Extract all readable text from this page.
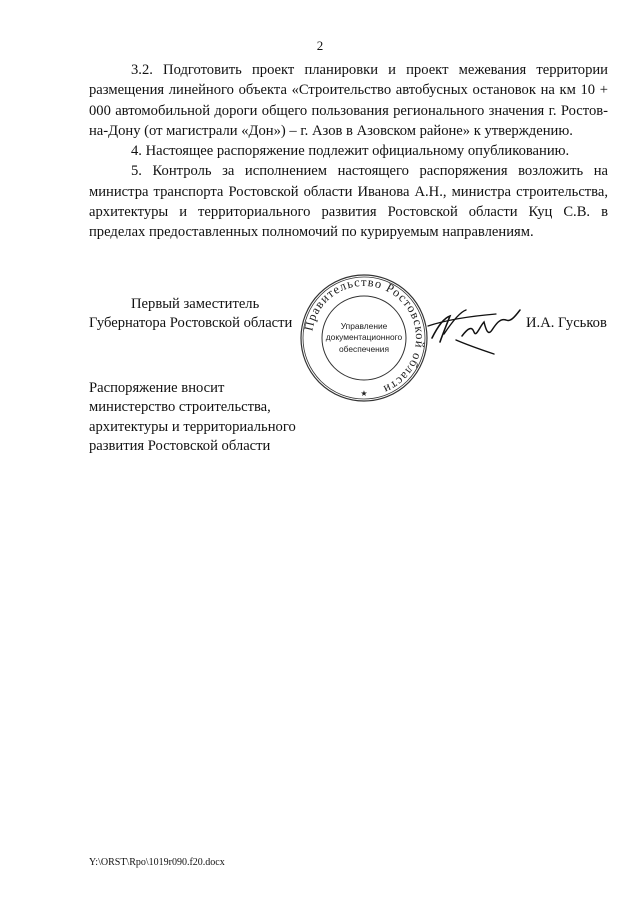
2

3.2. Подготовить проект планировки и проект межевания территории размещения линейного объекта «Строительство автобусных остановок на км 10 + 000 автомобильной дороги общего пользования регионального значения г. Ростов-на-Дону (от магистрали «Дон») – г. Азов в Азовском районе» к утверждению.

4. Настоящее распоряжение подлежит официальному опубликованию.

5. Контроль за исполнением настоящего распоряжения возложить на министра транспорта Ростовской области Иванова А.Н., министра строительства, архитектуры и территориального развития Ростовской области Куц С.В. в пределах предоставленных полномочий по курируемым направлениям.

Первый заместитель
Губернатора Ростовской области Правительство Ростовской области
★
Управление
документационного
обеспечения
И.А. Гуськов
Распоряжение вносит
министерство строительства,
архитектуры и территориального
развития Ростовской области
Y:\ORST\Rpo\1019r090.f20.docx
